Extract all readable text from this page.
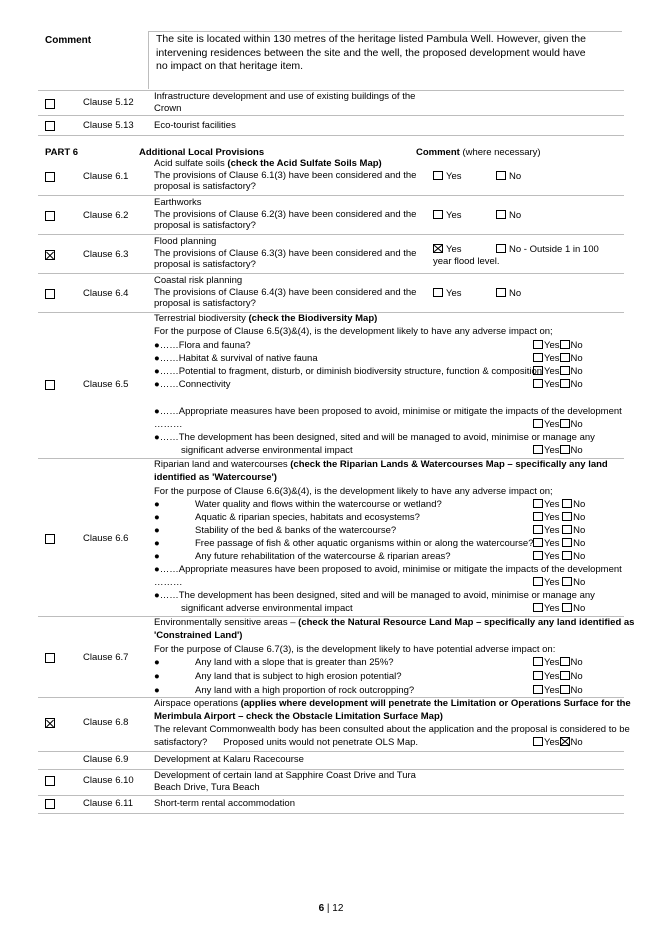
Comment	The site is located within 130 metres of the heritage listed Pambula Well. However, given the
intervening residences between the site and the well, the proposed development would have
no impact on that heritage item.
Clause 5.12
Infrastructure development and use of existing buildings of the
Crown
Clause 5.13 Eco-tourist facilities
PART 6	Additional Local Provisions	Comment (where necessary)
Clause 6.1
Acid sulfate soils (check the Acid Sulfate Soils Map)
The provisions of Clause 6.1(3) have been considered and the
proposal is satisfactory?
Yes	No
Clause 6.2
Earthworks
The provisions of Clause 6.2(3) have been considered and the
proposal is satisfactory?
Yes	No
Clause 6.3
Flood planning
The provisions of Clause 6.3(3) have been considered and the
proposal is satisfactory?
Yes	No - Outside 1 in 100
year flood level.
Clause 6.4
Coastal risk planning
The provisions of Clause 6.4(3) have been considered and the
proposal is satisfactory?
Yes	No
Clause 6.5
Terrestrial biodiversity (check the Biodiversity Map)
For the purpose of Clause 6.5(3)&(4), is the development likely to have any adverse impact on;
●……Flora and fauna?	Yes No
●……Habitat & survival of native fauna	Yes No
●……Potential to fragment, disturb, or diminish biodiversity structure, function & composition Yes No
●……Connectivity	Yes No
●……Appropriate measures have been proposed to avoid, minimise or mitigate the impacts of the development
………	Yes No
●……The development has been designed, sited and will be managed to avoid, minimise or manage any
significant adverse environmental impact	Yes No
Clause 6.6
Riparian land and watercourses (check the Riparian Lands & Watercourses Map – specifically any land
identified as 'Watercourse')
For the purpose of Clause 6.6(3)&(4), is the development likely to have any adverse impact on;
●	Water quality and flows within the watercourse or wetland?	Yes No
●	Aquatic & riparian species, habitats and ecosystems?	Yes No
●	Stability of the bed & banks of the watercourse?	Yes No
●	Free passage of fish & other aquatic organisms within or along the watercourse?	Yes No
●	Any future rehabilitation of the watercourse & riparian areas?	Yes No
●……Appropriate measures have been proposed to avoid, minimise or mitigate the impacts of the development
………	Yes No
●……The development has been designed, sited and will be managed to avoid, minimise or manage any
significant adverse environmental impact	Yes No
Clause 6.7
Environmentally sensitive areas – (check the Natural Resource Land Map – specifically any land identified as
'Constrained Land')
For the purpose of Clause 6.7(3), is the development likely to have potential adverse impact on:
●	Any land with a slope that is greater than 25%?	Yes No
●	Any land that is subject to high erosion potential?	Yes No
●	Any land with a high proportion of rock outcropping?	Yes No
Clause 6.8
Airspace operations (applies where development will penetrate the Limitation or Operations Surface for the
Merimbula Airport – check the Obstacle Limitation Surface Map)
The relevant Commonwealth body has been consulted about the application and the proposal is considered to be
satisfactory?      Proposed units would not penetrate OLS Map.	Yes No
Clause 6.9	Development at Kalaru Racecourse
Clause 6.10 Development of certain land at Sapphire Coast Drive and Tura
Beach Drive, Tura Beach
Clause 6.11 Short-term rental accommodation
6 | 12
